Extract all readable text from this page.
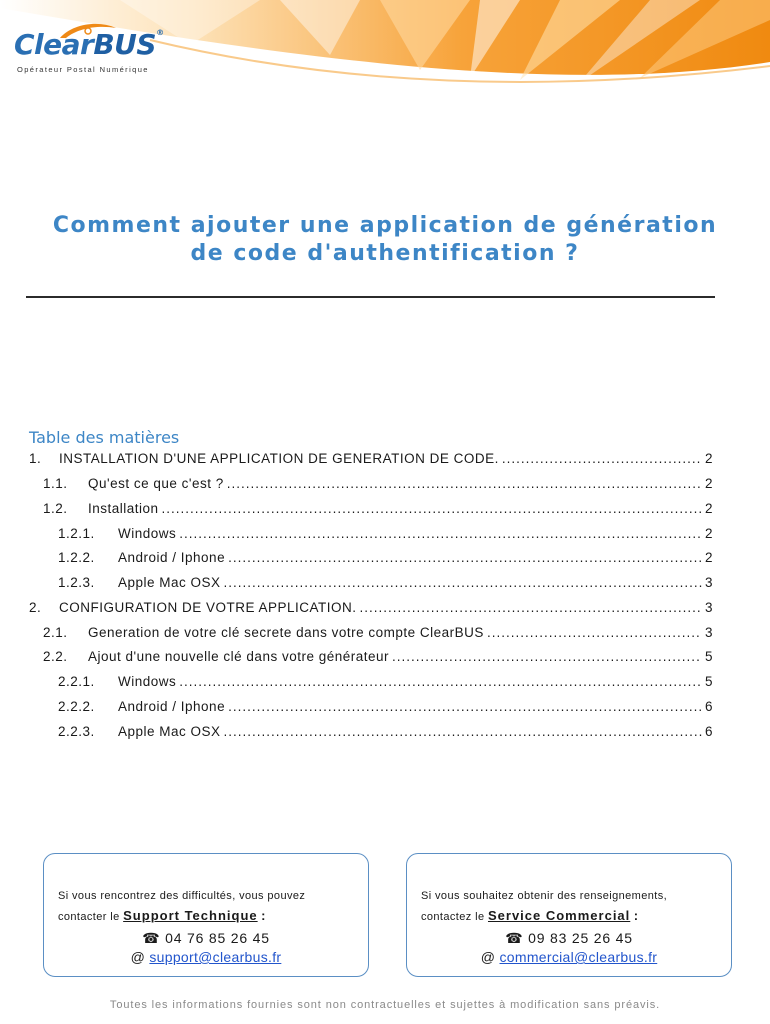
ClearBUS®
Opérateur Postal Numérique
Comment ajouter une application de génération
de code d'authentification ?
Table des matières
1.	INSTALLATION D'UNE APPLICATION DE GENERATION DE CODE. .....	2
1.1.	Qu'est ce que c'est ? .....	2
1.2.	Installation .....	2
1.2.1.	Windows .....	2
1.2.2.	Android / Iphone .....	2
1.2.3.	Apple Mac OSX .....	3
2.	CONFIGURATION DE VOTRE APPLICATION. .....	3
2.1.	Generation de votre clé secrete dans votre compte ClearBUS .....	3
2.2.	Ajout d'une nouvelle clé dans votre générateur .....	5
2.2.1.	Windows .....	5
2.2.2.	Android / Iphone .....	6
2.2.3.	Apple Mac OSX .....	6
Si vous rencontrez des difficultés, vous pouvez
contacter le Support Technique :
☎ 04 76 85 26 45
@ support@clearbus.fr
Si vous souhaitez obtenir des renseignements,
contactez le Service Commercial :
☎ 09 83 25 26 45
@ commercial@clearbus.fr
Toutes les informations fournies sont non contractuelles et sujettes à modification sans préavis.
